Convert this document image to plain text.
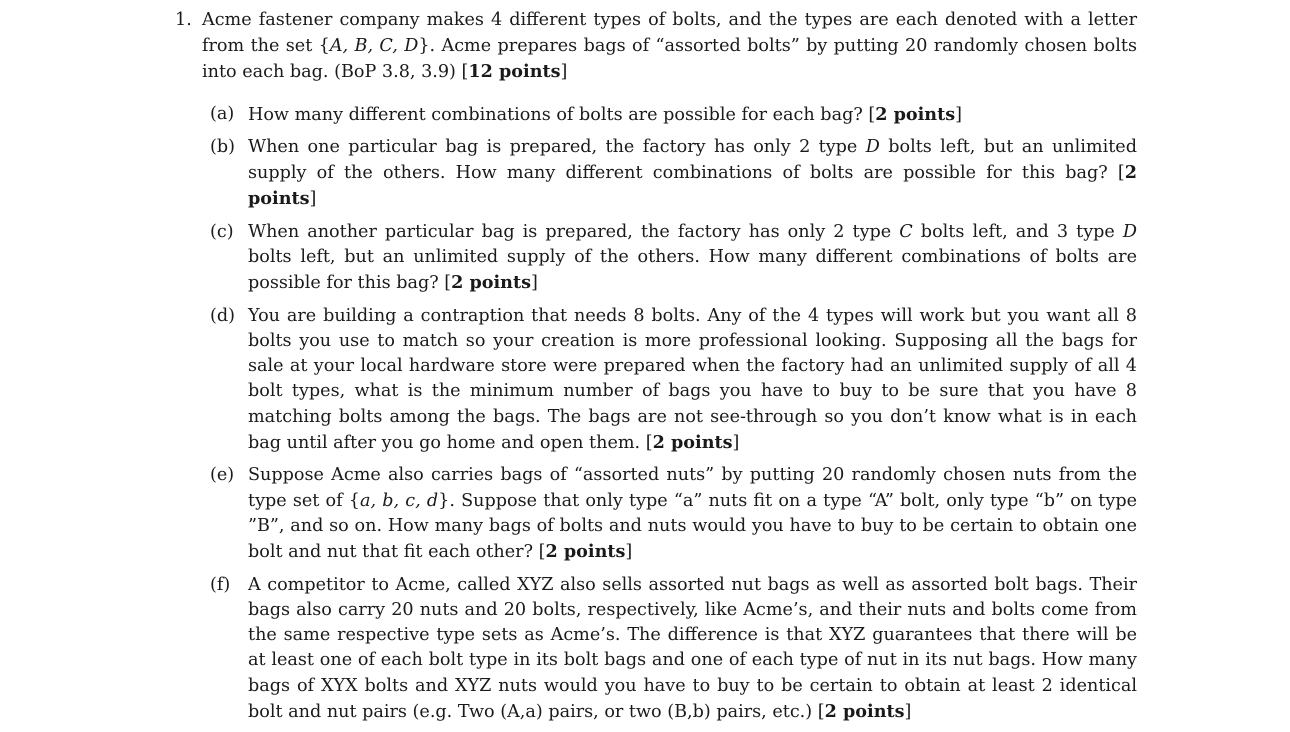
1. Acme fastener company makes 4 different types of bolts, and the types are each denoted with a letter from the set {A, B, C, D}. Acme prepares bags of “assorted bolts” by putting 20 randomly chosen bolts into each bag. (BoP 3.8, 3.9) [12 points]
(a) How many different combinations of bolts are possible for each bag? [2 points]
(b) When one particular bag is prepared, the factory has only 2 type D bolts left, but an unlimited supply of the others. How many different combinations of bolts are possible for this bag? [2 points]
(c) When another particular bag is prepared, the factory has only 2 type C bolts left, and 3 type D bolts left, but an unlimited supply of the others. How many different combinations of bolts are possible for this bag? [2 points]
(d) You are building a contraption that needs 8 bolts. Any of the 4 types will work but you want all 8 bolts you use to match so your creation is more professional looking. Supposing all the bags for sale at your local hardware store were prepared when the factory had an unlimited supply of all 4 bolt types, what is the minimum number of bags you have to buy to be sure that you have 8 matching bolts among the bags. The bags are not see-through so you don’t know what is in each bag until after you go home and open them. [2 points]
(e) Suppose Acme also carries bags of “assorted nuts” by putting 20 randomly chosen nuts from the type set of {a, b, c, d}. Suppose that only type “a” nuts fit on a type “A” bolt, only type “b” on type ”B”, and so on. How many bags of bolts and nuts would you have to buy to be certain to obtain one bolt and nut that fit each other? [2 points]
(f) A competitor to Acme, called XYZ also sells assorted nut bags as well as assorted bolt bags. Their bags also carry 20 nuts and 20 bolts, respectively, like Acme’s, and their nuts and bolts come from the same respective type sets as Acme’s. The difference is that XYZ guarantees that there will be at least one of each bolt type in its bolt bags and one of each type of nut in its nut bags. How many bags of XYX bolts and XYZ nuts would you have to buy to be certain to obtain at least 2 identical bolt and nut pairs (e.g. Two (A,a) pairs, or two (B,b) pairs, etc.) [2 points]
